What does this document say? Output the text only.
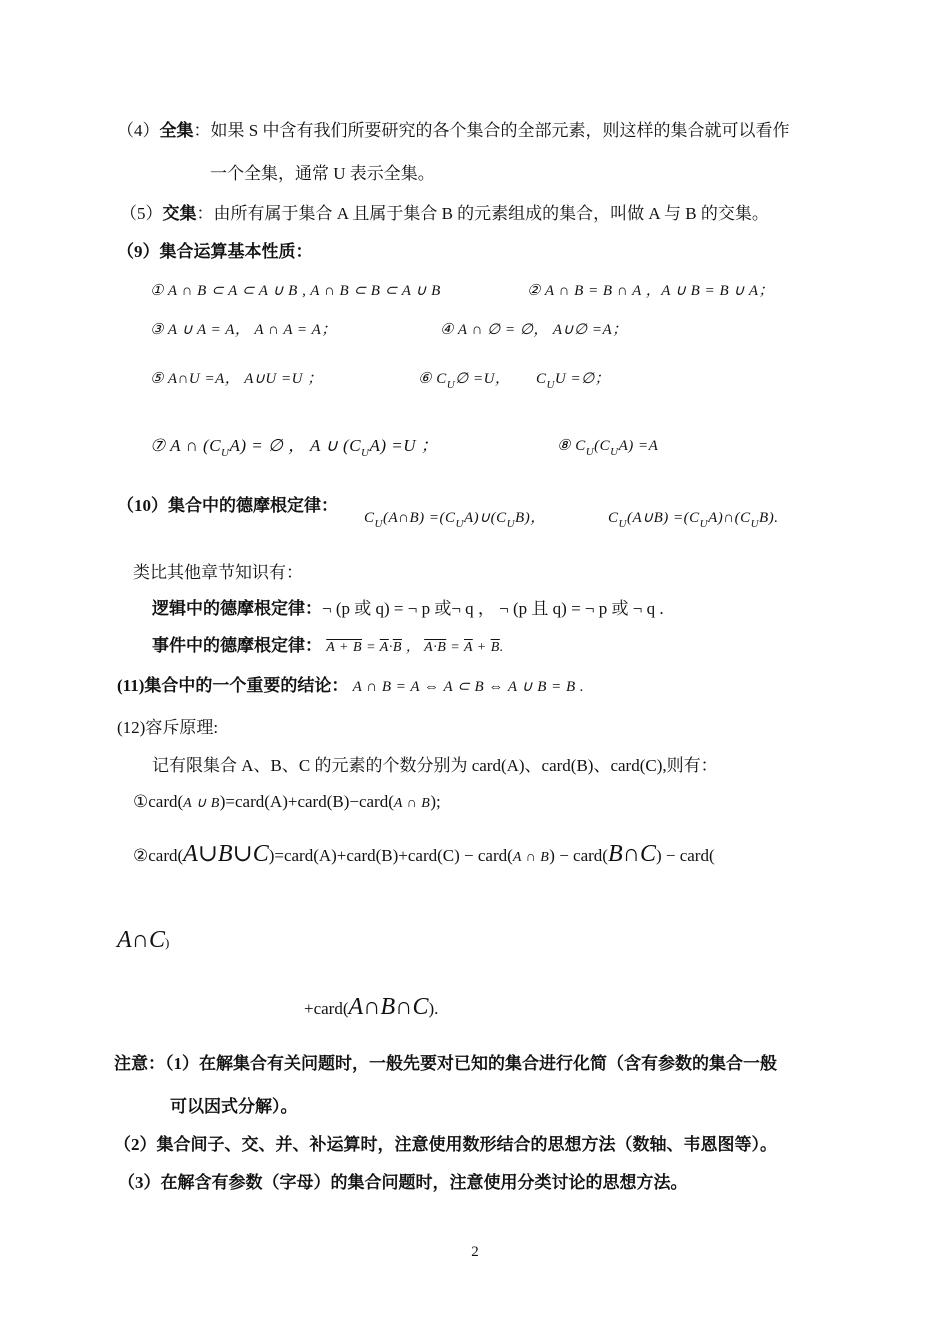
（4）全集：如果 S 中含有我们所要研究的各个集合的全部元素，则这样的集合就可以看作
一个全集，通常 U 表示全集。
（5）交集：由所有属于集合 A 且属于集合 B 的元素组成的集合，叫做 A 与 B 的交集。
（9）集合运算基本性质：
① A ∩ B ⊂ A ⊂ A ∪ B , A ∩ B ⊂ B ⊂ A ∪ B	② A ∩ B = B ∩ A ，A ∪ B = B ∪ A；
③ A ∪ A = A， A ∩ A = A；	④ A ∩ ∅ = ∅， A∪∅ =A；
⑤ A∩U =A， A∪U =U ；	⑥ $C_U\emptyset =U$， $C_UU$ =∅；
⑦ A ∩ $(C_UA)$ = ∅ ， A ∪ $(C_UA) =U$ ；	⑧ $C_U(C_UA) =A$
（10）集合中的德摩根定律：
$C_U(A\cap B)$ $=(C_UA)\cup(C_UB)$，	$C_U(A\cup B)$ $=(C_UA)\cap(C_UB)$.
类比其他章节知识有：
逻辑中的德摩根定律：¬ (p 或 q) = ¬ p 或¬ q ， ¬ (p 且 q) = ¬ p 或 ¬ q .
事件中的德摩根定律： $A + B = \overline{A}\cdot\overline{B}$ ， $A\cdot B = \overline{A} + \overline{B}$.
(11)集合中的一个重要的结论： A ∩ B = A ⇔ A ⊂ B ⇔ A ∪ B = B .
(12)容斥原理:
记有限集合 A、B、C 的元素的个数分别为 card(A)、card(B)、card(C),则有：
①card(A ∪ B)=card(A)+card(B)−card(A ∩ B);
②card(A∪B∪C)=card(A)+card(B)+card(C) − card(A ∩ B) − card(B∩C) − card(
A∩C)
+card(A∩B∩C).
注意：（1）在解集合有关问题时，一般先要对已知的集合进行化简（含有参数的集合一般
可以因式分解）。
（2）集合间子、交、并、补运算时，注意使用数形结合的思想方法（数轴、韦恩图等）。
（3）在解含有参数（字母）的集合问题时，注意使用分类讨论的思想方法。
2
